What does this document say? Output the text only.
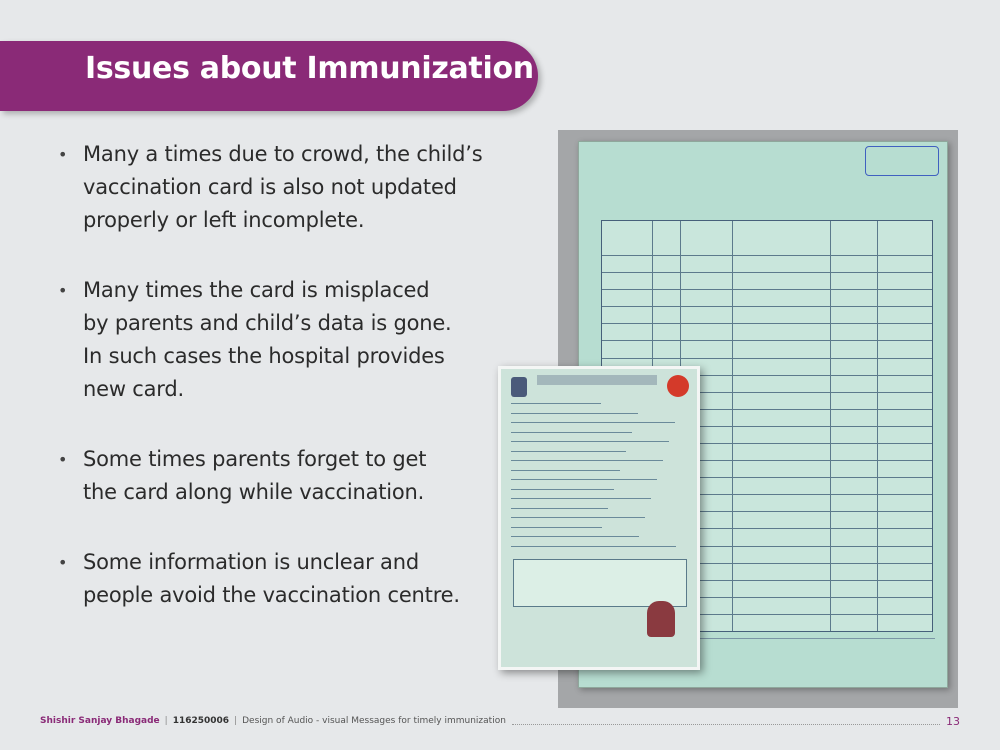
Issues about Immunization
• Many a times due to crowd, the child’s
vaccination card is also not updated
properly or left incomplete.
• Many times the card is misplaced
by parents and child’s data is gone.
In such cases the hospital provides
new card.
• Some times parents forget to get
the card along while vaccination.
• Some information is unclear and
people avoid the vaccination centre.
Shishir Sanjay Bhagade | 116250006 | Design of Audio - visual Messages for timely immunization	13
